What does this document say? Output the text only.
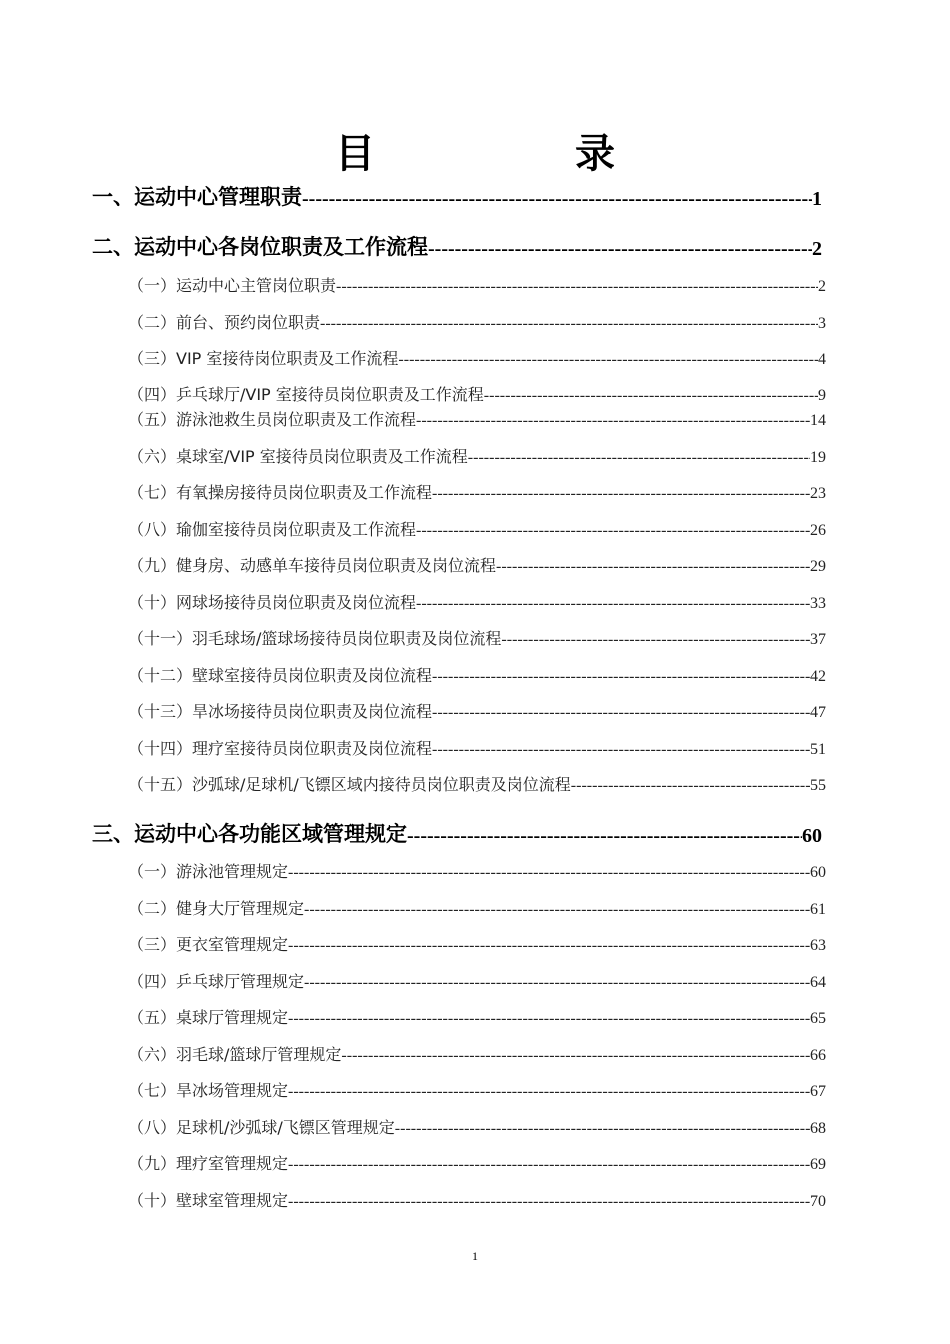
目　录
一、运动中心管理职责 -----	1
二、运动中心各岗位职责及工作流程 -----	2
（一）运动中心主管岗位职责 -----	2
（二）前台、预约岗位职责 -----	3
（三）VIP 室接待岗位职责及工作流程 -----	4
（四）乒乓球厅/VIP 室接待员岗位职责及工作流程 -----	9
（五）游泳池救生员岗位职责及工作流程 -----	14
（六）桌球室/VIP 室接待员岗位职责及工作流程 -----	19
（七）有氧操房接待员岗位职责及工作流程 -----	23
（八）瑜伽室接待员岗位职责及工作流程 -----	26
（九）健身房、动感单车接待员岗位职责及岗位流程 -----	29
（十）网球场接待员岗位职责及岗位流程 -----	33
（十一）羽毛球场/篮球场接待员岗位职责及岗位流程 -----	37
（十二）壁球室接待员岗位职责及岗位流程 -----	42
（十三）旱冰场接待员岗位职责及岗位流程 -----	47
（十四）理疗室接待员岗位职责及岗位流程 -----	51
（十五）沙弧球/足球机/飞镖区域内接待员岗位职责及岗位流程 -----	55
三、运动中心各功能区域管理规定 -----	60
（一）游泳池管理规定 -----	60
（二）健身大厅管理规定 -----	61
（三）更衣室管理规定 -----	63
（四）乒乓球厅管理规定 -----	64
（五）桌球厅管理规定 -----	65
（六）羽毛球/篮球厅管理规定 -----	66
（七）旱冰场管理规定 -----	67
（八）足球机/沙弧球/飞镖区管理规定 -----	68
（九）理疗室管理规定 -----	69
（十）壁球室管理规定 -----	70
1
